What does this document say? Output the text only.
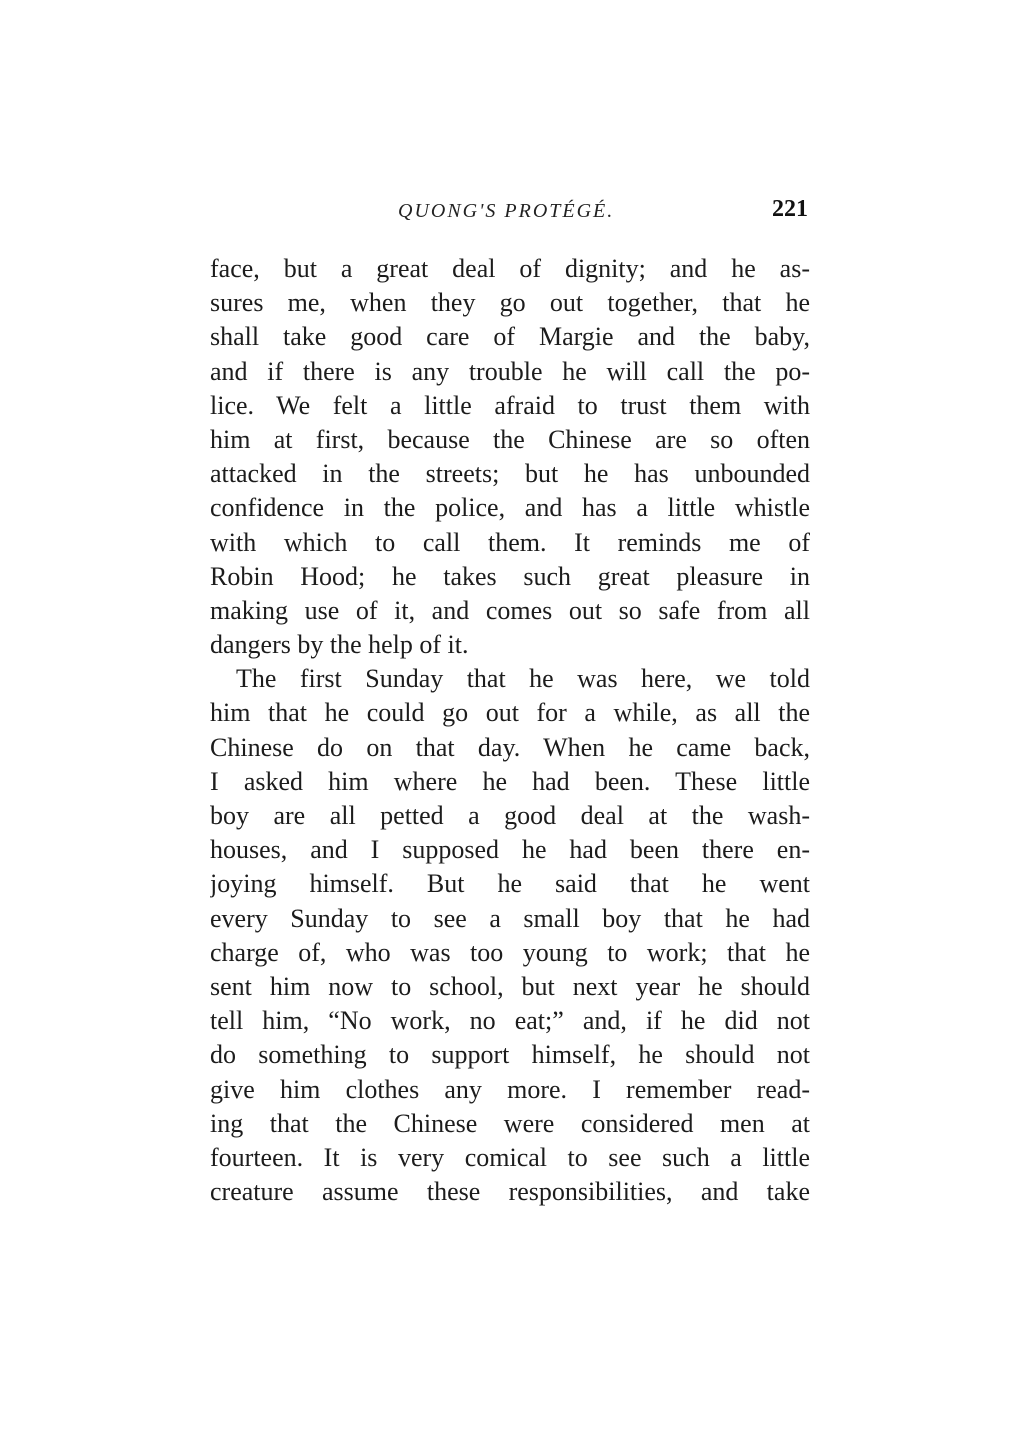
QUONG'S PROTÉGÉ.	221
face, but a great deal of dignity; and he as-
sures me, when they go out together, that he
shall take good care of Margie and the baby,
and if there is any trouble he will call the po-
lice. We felt a little afraid to trust them with
him at first, because the Chinese are so often
attacked in the streets; but he has unbounded
confidence in the police, and has a little whistle
with which to call them. It reminds me of
Robin Hood; he takes such great pleasure in
making use of it, and comes out so safe from all
dangers by the help of it.
The first Sunday that he was here, we told
him that he could go out for a while, as all the
Chinese do on that day. When he came back,
I asked him where he had been. These little
boy are all petted a good deal at the wash-
houses, and I supposed he had been there en-
joying himself. But he said that he went
every Sunday to see a small boy that he had
charge of, who was too young to work; that he
sent him now to school, but next year he should
tell him, “No work, no eat;” and, if he did not
do something to support himself, he should not
give him clothes any more. I remember read-
ing that the Chinese were considered men at
fourteen. It is very comical to see such a little
creature assume these responsibilities, and take
